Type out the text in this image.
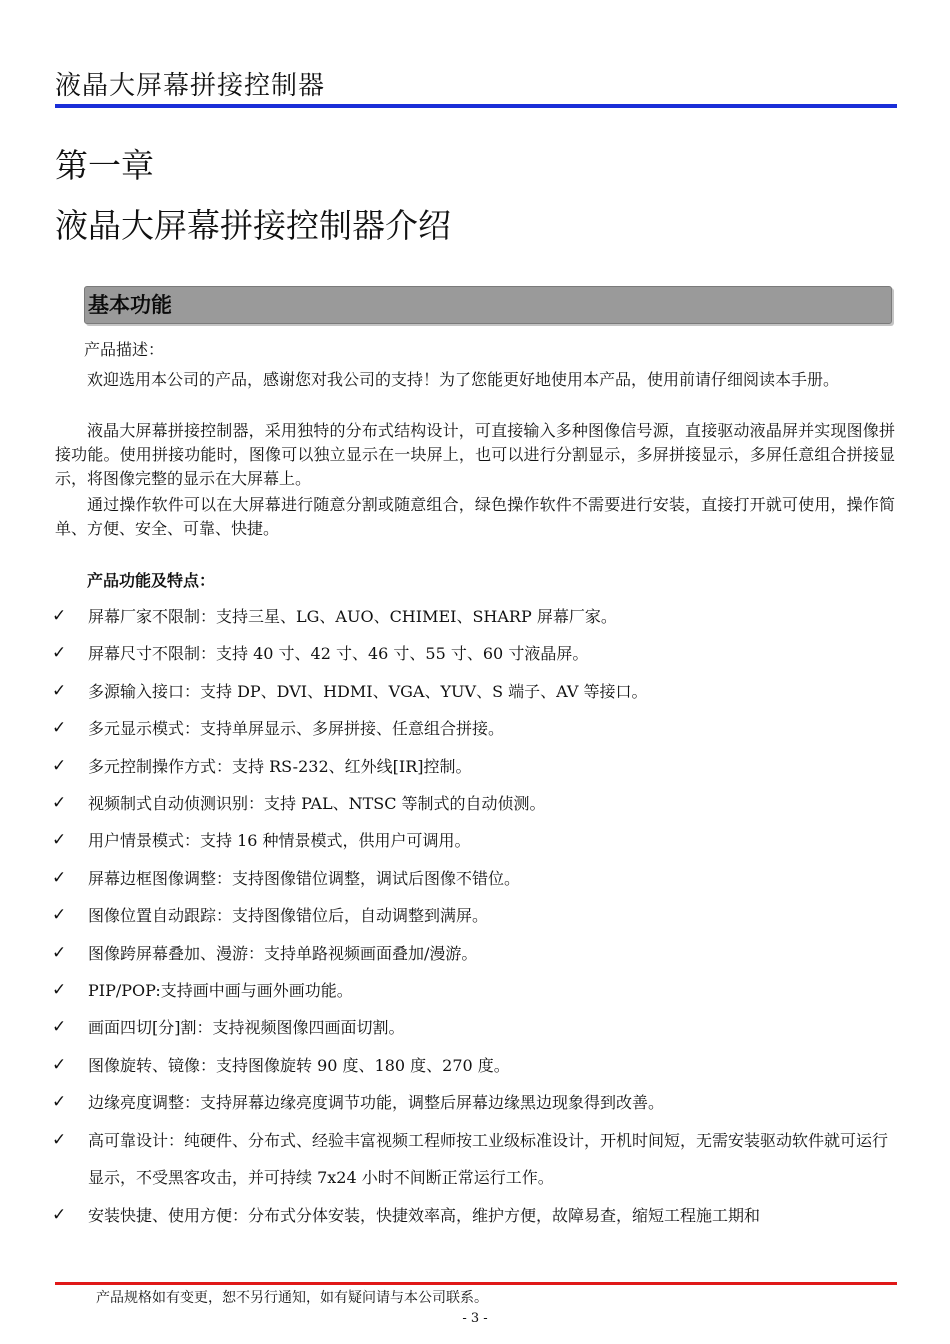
液晶大屏幕拼接控制器
第一章
液晶大屏幕拼接控制器介绍
基本功能
产品描述：
欢迎选用本公司的产品，感谢您对我公司的支持！为了您能更好地使用本产品，使用前请仔细阅读本手册。
液晶大屏幕拼接控制器，采用独特的分布式结构设计，可直接输入多种图像信号源，直接驱动液晶屏并实现图像拼接功能。使用拼接功能时，图像可以独立显示在一块屏上，也可以进行分割显示，多屏拼接显示，多屏任意组合拼接显示，将图像完整的显示在大屏幕上。
通过操作软件可以在大屏幕进行随意分割或随意组合，绿色操作软件不需要进行安装，直接打开就可使用，操作简单、方便、安全、可靠、快捷。
产品功能及特点：
✓ 屏幕厂家不限制：支持三星、LG、AUO、CHIMEI、SHARP 屏幕厂家。
✓ 屏幕尺寸不限制：支持 40 寸、42 寸、46 寸、55 寸、60 寸液晶屏。
✓ 多源输入接口：支持 DP、DVI、HDMI、VGA、YUV、S 端子、AV 等接口。
✓ 多元显示模式：支持单屏显示、多屏拼接、任意组合拼接。
✓ 多元控制操作方式：支持 RS-232、红外线[IR]控制。
✓ 视频制式自动侦测识别：支持 PAL、NTSC 等制式的自动侦测。
✓ 用户情景模式：支持 16 种情景模式，供用户可调用。
✓ 屏幕边框图像调整：支持图像错位调整，调试后图像不错位。
✓ 图像位置自动跟踪：支持图像错位后，自动调整到满屏。
✓ 图像跨屏幕叠加、漫游：支持单路视频画面叠加/漫游。
✓ PIP/POP:支持画中画与画外画功能。
✓ 画面四切[分]割：支持视频图像四画面切割。
✓ 图像旋转、镜像：支持图像旋转 90 度、180 度、270 度。
✓ 边缘亮度调整：支持屏幕边缘亮度调节功能，调整后屏幕边缘黑边现象得到改善。
✓ 高可靠设计：纯硬件、分布式、经验丰富视频工程师按工业级标准设计，开机时间短，无需安装驱动软件就可运行显示，不受黑客攻击，并可持续 7x24 小时不间断正常运行工作。
✓ 安装快捷、使用方便：分布式分体安装，快捷效率高，维护方便，故障易查，缩短工程施工期和
产品规格如有变更，恕不另行通知，如有疑问请与本公司联系。
- 3 -
